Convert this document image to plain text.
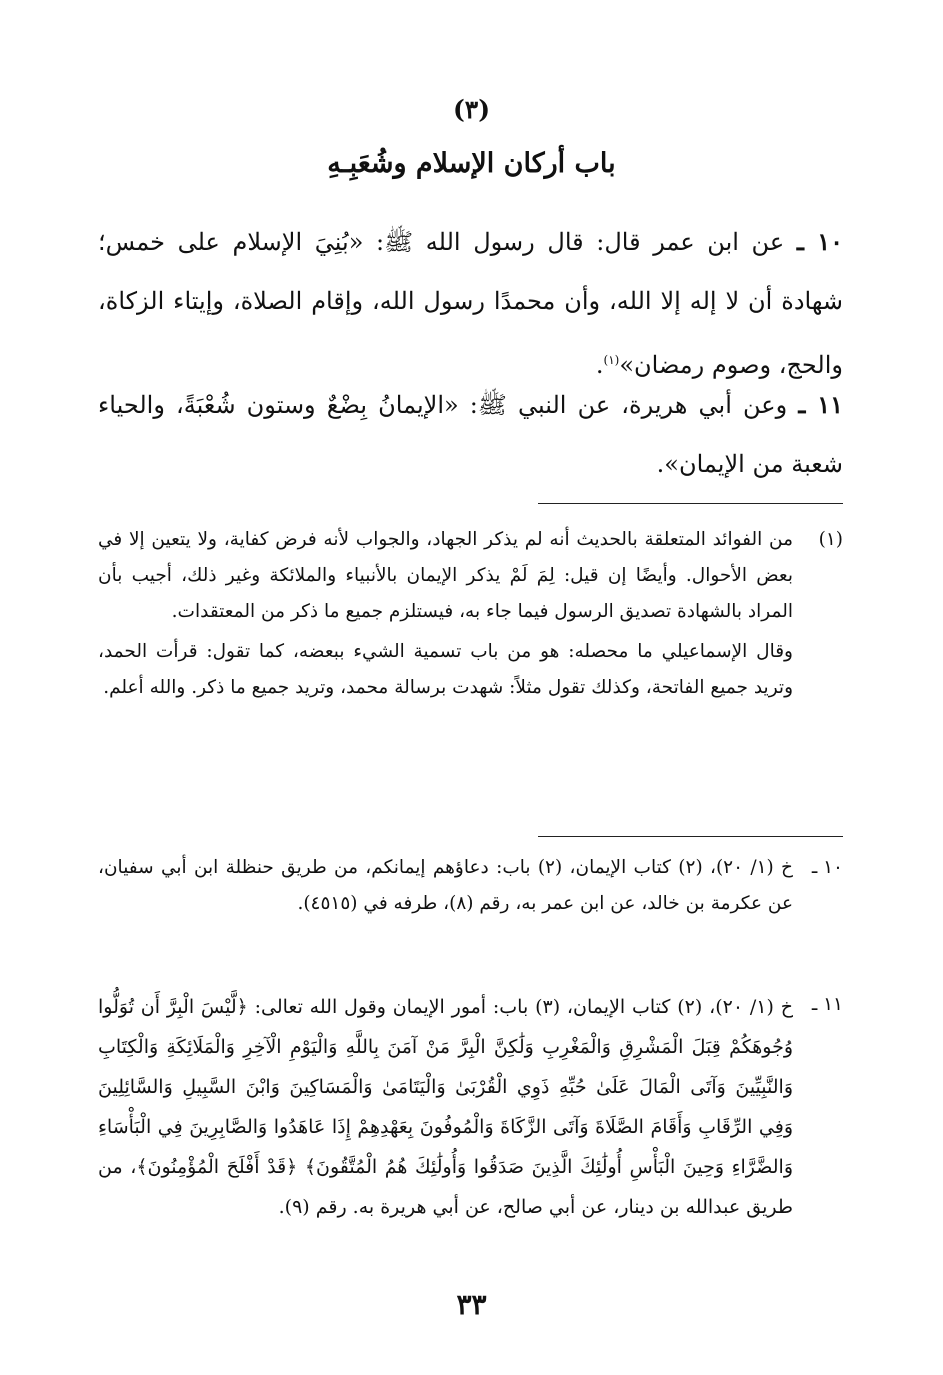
(٣)
باب أركان الإسلام وشُعَبِـهِ
١٠ ـ عن ابن عمر قال: قال رسول الله ﷺ: «بُنِيَ الإسلام على خمس؛ شهادة أن لا إله إلا الله، وأن محمدًا رسول الله، وإقام الصلاة، وإيتاء الزكاة، والحج، وصوم رمضان»$^{(١)}$.
١١ ـ وعن أبي هريرة، عن النبي ﷺ: «الإيمانُ بِضْعٌ وستون شُعْبَةً، والحياء شعبة من الإيمان».
(١)
من الفوائد المتعلقة بالحديث أنه لم يذكر الجهاد، والجواب لأنه فرض كفاية، ولا يتعين إلا في بعض الأحوال. وأيضًا إن قيل: لِمَ لَمْ يذكر الإيمان بالأنبياء والملائكة وغير ذلك، أجيب بأن المراد بالشهادة تصديق الرسول فيما جاء به، فيستلزم جميع ما ذكر من المعتقدات.
وقال الإسماعيلي ما محصله: هو من باب تسمية الشيء ببعضه، كما تقول: قرأت الحمد، وتريد جميع الفاتحة، وكذلك تقول مثلاً: شهدت برسالة محمد، وتريد جميع ما ذكر. والله أعلم.
١٠ ـ
خ (١/ ٢٠)، (٢) كتاب الإيمان، (٢) باب: دعاؤهم إيمانكم، من طريق حنظلة ابن أبي سفيان، عن عكرمة بن خالد، عن ابن عمر به، رقم (٨)، طرفه في (٤٥١٥).
١١ ـ
خ (١/ ٢٠)، (٢) كتاب الإيمان، (٣) باب: أمور الإيمان وقول الله تعالى: ﴿لَّيْسَ الْبِرَّ أَن تُوَلُّوا وُجُوهَكُمْ قِبَلَ الْمَشْرِقِ وَالْمَغْرِبِ وَلَٰكِنَّ الْبِرَّ مَنْ آمَنَ بِاللَّهِ وَالْيَوْمِ الْآخِرِ وَالْمَلَائِكَةِ وَالْكِتَابِ وَالنَّبِيِّينَ وَآتَى الْمَالَ عَلَىٰ حُبِّهِ ذَوِي الْقُرْبَىٰ وَالْيَتَامَىٰ وَالْمَسَاكِينَ وَابْنَ السَّبِيلِ وَالسَّائِلِينَ وَفِي الرِّقَابِ وَأَقَامَ الصَّلَاةَ وَآتَى الزَّكَاةَ وَالْمُوفُونَ بِعَهْدِهِمْ إِذَا عَاهَدُوا وَالصَّابِرِينَ فِي الْبَأْسَاءِ وَالضَّرَّاءِ وَحِينَ الْبَأْسِ أُولَٰئِكَ الَّذِينَ صَدَقُوا وَأُولَٰئِكَ هُمُ الْمُتَّقُونَ﴾ ﴿قَدْ أَفْلَحَ الْمُؤْمِنُونَ﴾، من طريق عبدالله بن دينار، عن أبي صالح، عن أبي هريرة به. رقم (٩).
٣٣
